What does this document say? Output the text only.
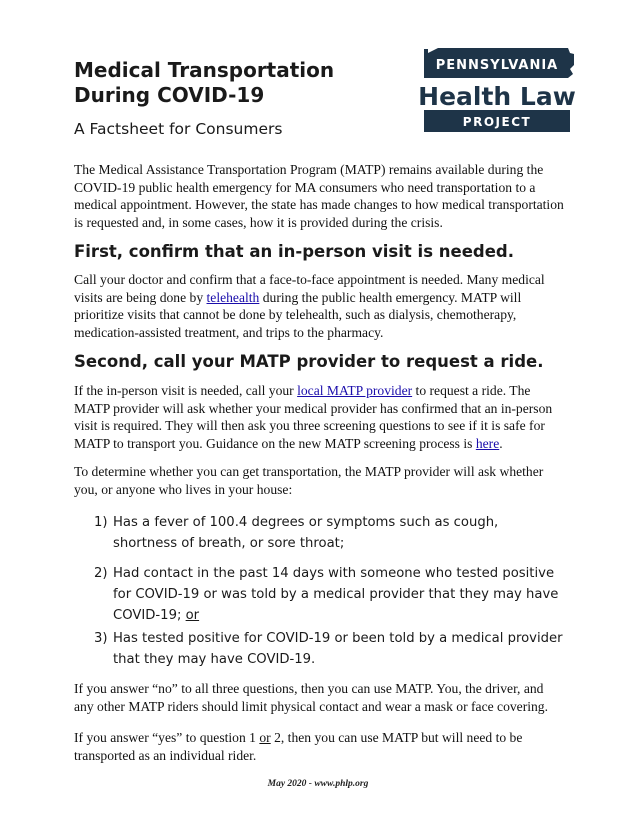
Medical Transportation
During COVID-19
A Factsheet for Consumers
PENNSYLVANIA
Health Law
PROJECT

The Medical Assistance Transportation Program (MATP) remains available during the COVID-19 public health emergency for MA consumers who need transportation to a medical appointment. However, the state has made changes to how medical transportation is requested and, in some cases, how it is provided during the crisis.

First, confirm that an in-person visit is needed.

Call your doctor and confirm that a face-to-face appointment is needed. Many medical visits are being done by telehealth during the public health emergency. MATP will prioritize visits that cannot be done by telehealth, such as dialysis, chemotherapy, medication-assisted treatment, and trips to the pharmacy.

Second, call your MATP provider to request a ride.

If the in-person visit is needed, call your local MATP provider to request a ride. The MATP provider will ask whether your medical provider has confirmed that an in-person visit is required. They will then ask you three screening questions to see if it is safe for MATP to transport you. Guidance on the new MATP screening process is here.

To determine whether you can get transportation, the MATP provider will ask whether you, or anyone who lives in your house:

1) Has a fever of 100.4 degrees or symptoms such as cough, shortness of breath, or sore throat;
2) Had contact in the past 14 days with someone who tested positive for COVID-19 or was told by a medical provider that they may have COVID-19; or
3) Has tested positive for COVID-19 or been told by a medical provider that they may have COVID-19.

If you answer “no” to all three questions, then you can use MATP. You, the driver, and any other MATP riders should limit physical contact and wear a mask or face covering.

If you answer “yes” to question 1 or 2, then you can use MATP but will need to be transported as an individual rider.

May 2020 - www.phlp.org
